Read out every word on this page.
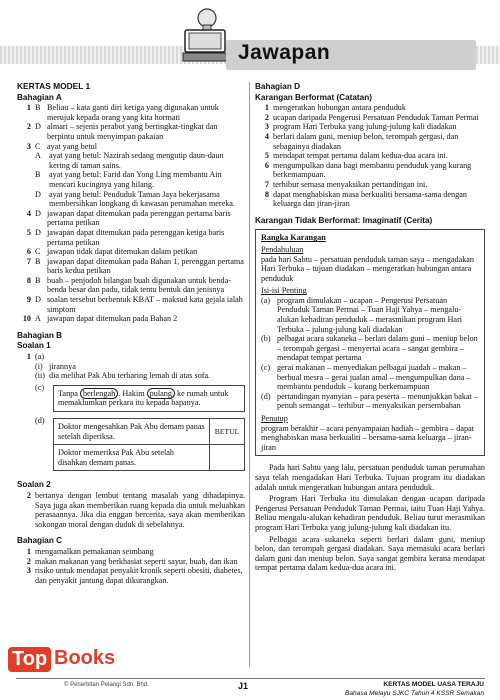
Jawapan
KERTAS MODEL 1
Bahagian A
1 B Beliau – kata ganti diri ketiga yang digunakan untuk merujuk kepada orang yang kita hormati
2 D almari – sejenis perabot yang bertingkat-tingkat dan berpintu untuk menyimpan pakaian
3 C ayat yang betul
A ayat yang betul: Nazirah sedang mengutip daun-daun kering di taman sains.
B	ayat yang betul: Farid dan Yong Ling membantu Ain mencari kucingnya yang hilang.
D ayat yang betul: Penduduk Taman Jaya bekerjasama membersihkan longkang di kawasan perumahan mereka.
4 D jawapan dapat ditemukan pada perenggan pertama baris pertama petikan
5 D jawapan dapat ditemukan pada perenggan ketiga baris pertama petikan
6 C jawapan tidak dapat ditemukan dalam petikan
7 B jawapan dapat ditemukan pada Bahan 1, perenggan pertama baris kedua petikan
8 B buah – penjodoh bilangan buah digunakan untuk benda-benda besar dan padu, tidak tentu bentuk dan jenisnya
9 D soalan tersebut berbentuk KBAT – maksud kata gejala ialah simptom
10 A jawapan dapat ditemukan pada Bahan 2
Bahagian B
Soalan 1
1 (a)
(i) jirannya
(ii) dia melihat Pak Abu terbaring lemah di atas sofa.
(c)
Tanpa berlengah . Hakim pulang ke rumah untuk memaklumkan perkara itu kepada bapanya.
(d)
Doktor mengesahkan Pak Abu demam panas setelah diperiksa.
BETUL
Doktor memeriksa Pak Abu setelah disahkan demam panas.
Soalan 2
2 bertanya dengan lembut tentang masalah yang dihadapinya. Saya juga akan memberikan ruang kepada dia untuk meluahkan perasaannya. Jika dia enggan bercerita, saya akan memberikan sokongan moral dengan duduk di sebelahnya.
Bahagian C
1 mengamalkan pemakanan seimbang
2 makan makanan yang berkhasiat seperti sayur, buah, dan ikan
3 risiko untuk mendapat penyakit kronik seperti obesiti, diabetes, dan penyakit jantung dapat dikurangkan.
Bahagian D
Karangan Berformat (Catatan)
1 mengeratkan hubungan antara penduduk
2 ucapan daripada Pengerusi Persatuan Penduduk Taman Permai
3 program Hari Terbuka yang julung-julung kali diadakan
4 berlari dalam guni, meniup belon, terompah gergasi, dan sebagainya diadakan
5 mendapat tempat pertama dalam kedua-dua acara ini.
6 mengumpulkan dana bagi membantu penduduk yang kurang berkemampuan.
7 terhibur semasa menyaksikan pertandingan ini.
8 dapat menghabiskan masa berkualiti bersama-sama dengan keluarga dan jiran-jiran
Karangan Tidak Berformat: Imaginatif (Cerita)
Rangka Karangan
Pendahuluan
pada hari Sabtu – persatuan penduduk taman saya – mengadakan Hari Terbuka – tujuan diadakan – mengeratkan hubungan antara penduduk
Isi-isi Penting
(a) program dimulakan – ucapan – Pengerusi Persatuan Penduduk Taman Permai – Tuan Haji Yahya – mengalu-alukan kehadiran penduduk – merasmikan program Hari Terbuka – julung-julung kali diadakan
(b) pelbagai acara sukaneka – berlari dalam guni – meniup belon – terompah gergasi – menyertai acara – sangat gembira – mendapat tempat pertama
(c) gerai makanan – menyediakan pelbagai juadah – makan – berbual mesra – gerai jualan amal – mengumpulkan dana – membantu penduduk – kurang berkemampuan
(d) pertandingan nyanyian – para peserta – menunjukkan bakat – penuh semangat – terhibur – menyaksikan persembahan
Penutup
program berakhir – acara penyampaian hadiah – gembira – dapat menghabiskan masa berkualiti – bersama-sama keluarga – jiran-jiran
Pada hari Sabtu yang lalu, persatuan penduduk taman perumahan saya telah mengadakan Hari Terbuka. Tujuan program itu diadakan adalah untuk mengeratkan hubungan antara penduduk.
Program Hari Terbuka itu dimulakan dengan ucapan daripada Pengerusi Persatuan Penduduk Taman Permai, iaitu Tuan Haji Yahya. Beliau mengalu-alukan kehadiran penduduk. Beliau turut merasmikan program Hari Terbuka yang julung-julung kali diadakan itu.
Pelbagai acara sukaneka seperti berlari dalam guni, meniup belon, dan terompah gergasi diadakan. Saya memasuki acara berlari dalam guni dan meniup belon. Saya sangat gembira kerana mendapat tempat pertama dalam kedua-dua acara ini.
© Penerbitan Pelangi Sdn. Bhd.	J1	KERTAS MODEL UASA TERAJU
Bahasa Melayu SJKC Tahun 4 KSSR Semakan
Top Books
